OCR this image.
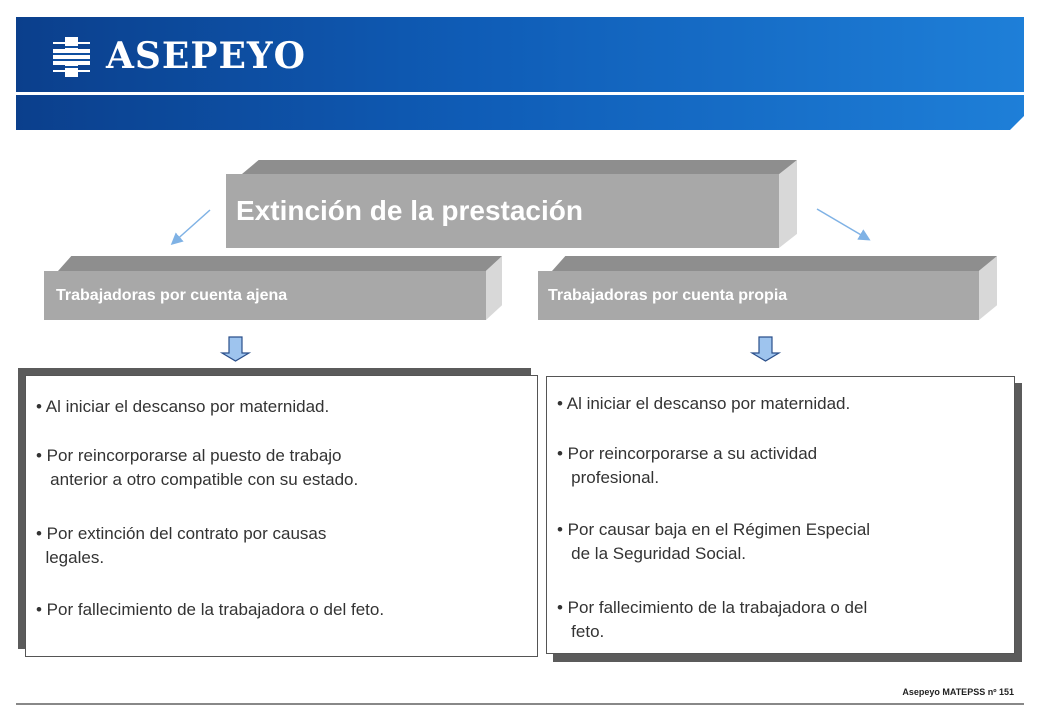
ASEPEYO
Extinción de la prestación
Trabajadoras por cuenta ajena	Trabajadoras por cuenta propia
• Al iniciar el descanso por maternidad.
• Por reincorporarse al puesto de trabajo
anterior a otro compatible con su estado.
• Por extinción del contrato por causas
legales.
• Por fallecimiento de la trabajadora o del feto.
• Al iniciar el descanso por maternidad.
• Por reincorporarse a su actividad
profesional.
• Por causar baja en el Régimen Especial
de la Seguridad Social.
• Por fallecimiento de la trabajadora o del
feto.
Asepeyo MATEPSS nº 151
